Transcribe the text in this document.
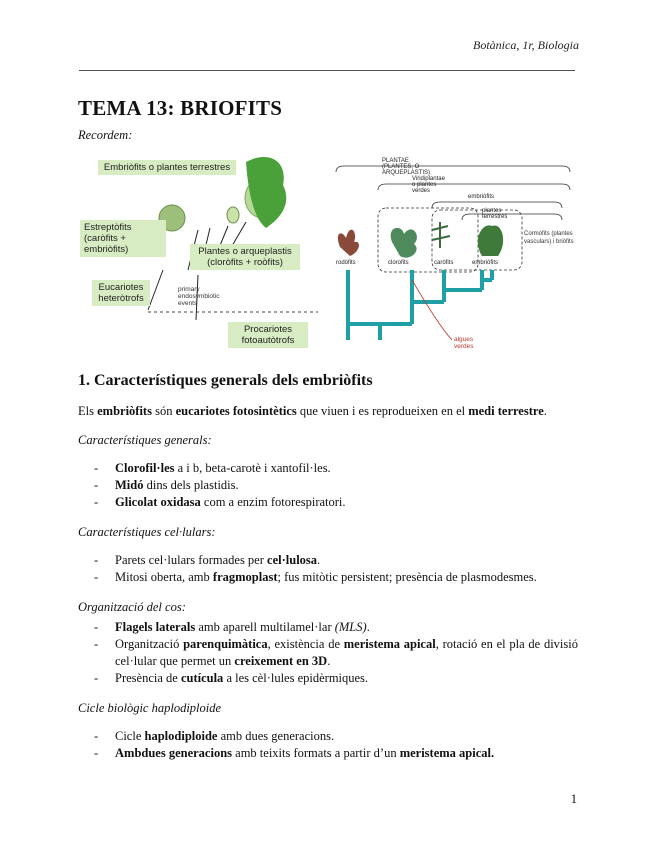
Botànica, 1r, Biologia
TEMA 13: BRIOFITS
Recordem:
Embriòfits o plantes terrestres
Estreptòfits (caròfits + embriòfits)	Plantes o arqueplastis (cloròfits + roòfits)
Eucariotes heteròtrofs
primary endosymbiotic events
Procariotes fotoautòtrofs
PLANTAE (PLANTES, O ARQUEPLASTIS)
Viridiplantae o plantes verdes
embriòfits
plantes terrestres
rodòfits	clorofits	caròfits	embriòfits
algues verdes
Cormòfits (plantes vasculars) i briòfits
1. Característiques generals dels embriòfits

Els embriòfits són eucariotes fotosintètics que viuen i es reprodueixen en el medi terrestre.

Característiques generals:
- Clorofil·les a i b, beta-carotè i xantofil·les.
- Midó dins dels plastidis.
- Glicolat oxidasa com a enzim fotorespiratori.
Característiques cel·lulars:
- Parets cel·lulars formades per cel·lulosa.
- Mitosi oberta, amb fragmoplast; fus mitòtic persistent; presència de plasmodesmes.
Organització del cos:
- Flagels laterals amb aparell multilamel·lar (MLS).
- Organització parenquimàtica, existència de meristema apical, rotació en el pla de divisió cel·lular que permet un creixement en 3D.
- Presència de cutícula a les cèl·lules epidèrmiques.
Cicle biològic haplodiploide
- Cicle haplodiploide amb dues generacions.
- Ambdues generacions amb teixits formats a partir d’un meristema apical.
1
